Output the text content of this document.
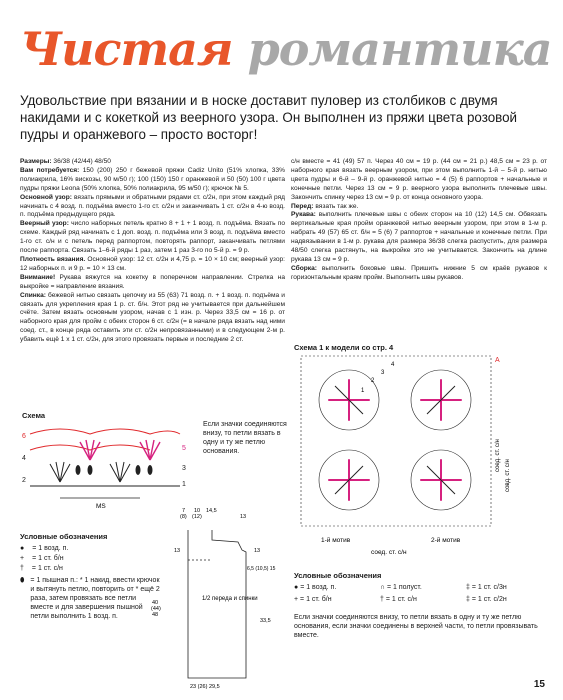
Чистая романтика
Удовольствие при вязании и в носке доставит пуловер из столбиков с двумя накидами и с кокеткой из веерного узора. Он выполнен из пряжи цвета розовой пудры и оранжевого – просто восторг!

Размеры: 36/38 (42/44) 48/50

Вам потребуется: 150 (200) 250 г бежевой пряжи Cadiz Unito (51% хлопка, 33% полиакрила, 16% вискозы, 90 м/50 г); 100 (150) 150 г оранжевой и 50 (50) 100 г цвета пудры пряжи Leona (50% хлопка, 50% полиакрила, 95 м/50 г); крючок № 5.

Основной узор: вязать прямыми и обратными рядами ст. с/2н, при этом каждый ряд начинать с 4 возд. п. подъёма вместо 1-го ст. с/2н и заканчивать 1 ст. с/2н в 4-ю возд. п. подъёма предыдущего ряда.

Веерный узор: число наборных петель кратно 8 + 1 + 1 возд. п. подъёма. Вязать по схеме. Каждый ряд начинать с 1 доп. возд. п. подъёма или 3 возд. п. подъёма вместо 1-го ст. с/н и с петель перед раппортом, повторять раппорт, заканчивать петлями после раппорта. Связать 1–6-й ряды 1 раз, затем 1 раз 3-го по 5-й р. = 9 р.

Плотность вязания. Основной узор: 12 ст. с/2н и 4,75 р. = 10 × 10 см; веерный узор: 12 наборных п. и 9 р. = 10 × 13 см.

Внимание! Рукава вяжутся на кокетку в поперечном направлении. Стрелка на выкройке = направление вязания.

Спинка: бежевой нитью связать цепочку из 55 (63) 71 возд. п. + 1 возд. п. подъёма и связать для укрепления края 1 р. ст. б/н. Этот ряд не учитывается при дальнейшем счёте. Затем вязать основным узором, начав с 1 изн. р. Через 33,5 см = 16 р. от наборного края для пройм с обеих сторон 6 ст. с/2н (= в начале ряда вязать над ними соед. ст., в конце ряда оставить эти ст. с/2н непровязанными) и в следующем 2-м р. убавить ещё 1 х 1 ст. с/2н, для этого провязать первые и последние 2 ст.

с/н вместе = 41 (49) 57 п. Через 40 см = 19 р. (44 см = 21 р.) 48,5 см = 23 р. от наборного края вязать веерным узором, при этом выполнить 1-й – 5-й р. нитью цвета пудры и 6-й – 9-й р. оранжевой нитью = 4 (5) 6 раппортов + начальные и конечные петли. Через 13 см = 9 р. веерного узора выполнить плечевые швы. Закончить спинку через 13 см = 9 р. от конца основного узора.

Перед: вязать так же.

Рукава: выполнить плечевые швы с обеих сторон на 10 (12) 14,5 см. Обвязать вертикальные края пройм оранжевой нитью веерным узором, при этом в 1-м р. набрать 49 (57) 65 ст. б/н = 5 (6) 7 раппортов + начальные и конечные петли. При надвязывании в 1-м р. рукава для размера 36/38 слегка распустить, для размера 48/50 слегка растянуть, на выкройке это не учитывается. Закончить на длине рукава 13 см = 9 р.

Сборка: выполнить боковые швы. Пришить нижние 5 см краёв рукавов к горизонтальным краям пройм. Выполнить швы рукавов.

Схема
6
4
2
5
3
1
MS
Если значки соединяются внизу, то петли вязать в одну и ту же петлю основания.
Условные обозначения
● = 1 возд. п.
+ = 1 ст. б/н
† = 1 ст. с/н
⬮ = 1 пышная п.: * 1 накид, ввести крючок и вытянуть петлю, повторить от * ещё 2 раза, затем провязать все петли вместе и для завершения пышной петли выполнить 1 возд. п.
7
(8)
10
(12)
14,5
40
(44)
48
13	13
6,5 (10,5) 15
33,5
1/2 переда и спинки
23 (26) 29,5
13
Схема 1 к модели со стр. 4
A
1
2
3
4
1-й мотив
соед. ст. с/н
2-й мотив
соед. ст. с/н
совд. ст. с/н
Условные обозначения
● = 1 возд. п.	∩ = 1 полуст.	‡ = 1 ст. с/3н
+ = 1 ст. б/н	† = 1 ст. с/н	‡ = 1 ст. с/2н
Если значки соединяются внизу, то петли вязать в одну и ту же петлю основания, если значки соединены в верхней части, то петли провязывать вместе.
15
